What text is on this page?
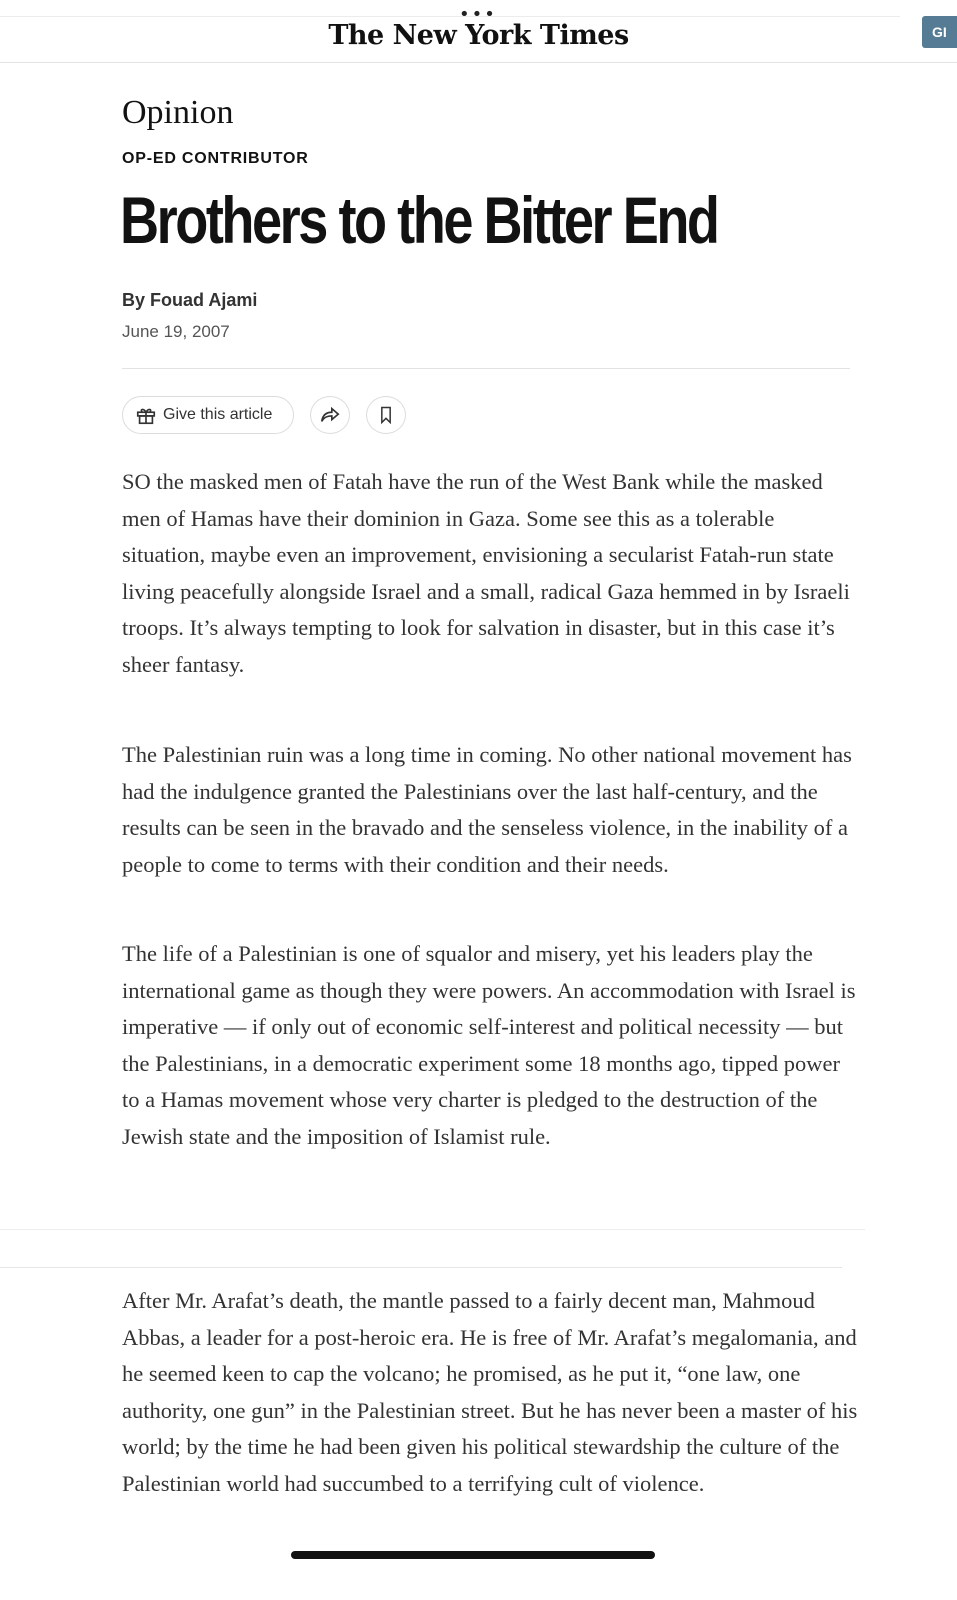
•••
The New York Times	GI
Opinion
OP-ED CONTRIBUTOR
Brothers to the Bitter End
By Fouad Ajami
June 19, 2007
Give this article
SO the masked men of Fatah have the run of the West Bank while the masked men of Hamas have their dominion in Gaza. Some see this as a tolerable situation, maybe even an improvement, envisioning a secularist Fatah-run state living peacefully alongside Israel and a small, radical Gaza hemmed in by Israeli troops. It’s always tempting to look for salvation in disaster, but in this case it’s sheer fantasy.
The Palestinian ruin was a long time in coming. No other national movement has had the indulgence granted the Palestinians over the last half-century, and the results can be seen in the bravado and the senseless violence, in the inability of a people to come to terms with their condition and their needs.
The life of a Palestinian is one of squalor and misery, yet his leaders play the international game as though they were powers. An accommodation with Israel is imperative — if only out of economic self-interest and political necessity — but the Palestinians, in a democratic experiment some 18 months ago, tipped power to a Hamas movement whose very charter is pledged to the destruction of the Jewish state and the imposition of Islamist rule.
After Mr. Arafat’s death, the mantle passed to a fairly decent man, Mahmoud Abbas, a leader for a post-heroic era. He is free of Mr. Arafat’s megalomania, and he seemed keen to cap the volcano; he promised, as he put it, “one law, one authority, one gun” in the Palestinian street. But he has never been a master of his world; by the time he had been given his political stewardship the culture of the Palestinian world had succumbed to a terrifying cult of violence.
